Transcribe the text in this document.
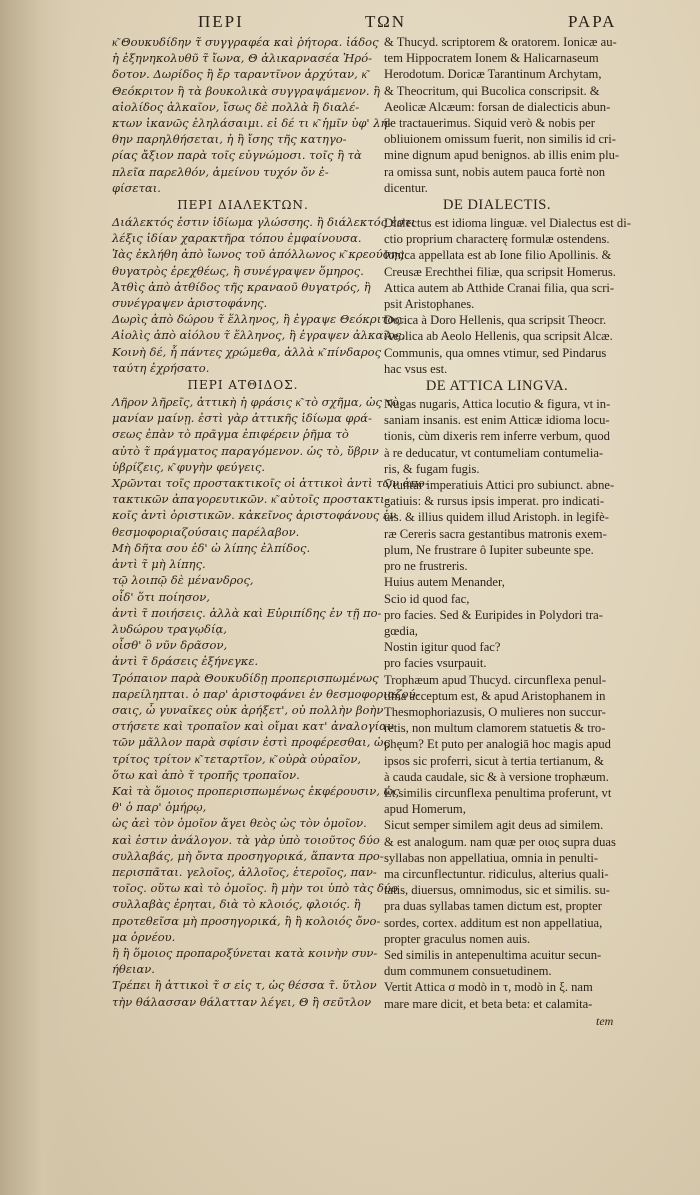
ΠΕΡΙ	ΤΩΝ	ΡΑΡΑ
κ͂ Θουκυδίδην τ̃ συγγραφέα καὶ ῥήτορα. ἰάδος
ἡ ἐξηνηκολυθῦ τ̃ ἴωνα, Θ ἀλικαρνασέα Ἡρό-
δοτον. Δωρίδος ἢ ἔρ ταραντῖνον ἀρχύταν, κ͂
Θεόκριτον ἢ τὰ βουκολικὰ συγγραψάμενον. ἢ
αἰολίδος ἀλκαῖον, ἴσως δὲ πολλὰ ἢ διαλέ-
κτων ἱκανῶς ἐληλάσαιμι. εἰ δέ τι κ͂ ἡμῖν ὑφ' λή-
θην παρηλθήσεται, ἡ ἢ ἴσης τῆς κατηγο-
ρίας ἄξιον παρὰ τοῖς εὐγνώμοσι. τοῖς ἢ τὰ
πλεῖα παρελθόν, ἀμείνου τυχόν ὄν ἐ-
φίσεται.
ΠΕΡΙ ΔΙΑΛΕΚΤΩΝ.
Διάλεκτός ἐστιν ἰδίωμα γλώσσης. ἢ διάλεκτός ἐστι
λέξις ἰδίαν χαρακτῆρα τόπου ἐμφαίνουσα.
Ἰὰς ἐκλήθη ἀπὸ ἴωνος τοῦ ἀπόλλωνος κ͂ κρεούσης
θυγατρὸς ἐρεχθέως, ἢ συνέγραψεν ὅμηρος.
Ἀτθὶς ἀπὸ ἀτθίδος τῆς κραναοῦ θυγατρός, ἢ
συνέγραψεν ἀριστοφάνης.
Δωρὶς ἀπὸ δώρου τ̃ ἕλληνος, ἢ ἐγραψε Θεόκριτος.
Αἰολὶς ἀπὸ αἰόλου τ̃ ἕλληνος, ἢ ἐγραψεν ἀλκαῖος.
Κοινὴ δέ, ἧ πάντες χρώμεθα, ἀλλὰ κ͂ πίνδαρος
ταύτη ἐχρήσατο.
ΠΕΡΙ ΑΤΘΙΔΟΣ.
Λῆρον λῆρεῖς, ἀττικὴ ἡ φράσις κ͂ τὸ σχῆμα, ὡς τὸ
μανίαν μαίνῃ. ἐστὶ γὰρ ἀττικῆς ἰδίωμα φρά-
σεως ἐπὰν τὸ πρᾶγμα ἐπιφέρειν ῥῆμα τὸ
αὐτὸ τ̃ πράγματος παραγόμενον. ὡς τὸ, ὕβριν
ὑβρίζεις, κ͂ φυγὴν φεύγεις.
Χρῶνται τοῖς προστακτικοῖς οἱ ἀττικοὶ ἀντὶ τῶν ἀπο-
τακτικῶν ἀπαγορευτικῶν. κ͂ αὐτοῖς προστακτι-
κοῖς ἀντὶ ὁριστικῶν. κἀκεῖνος ἀριστοφάνους ἐν
θεσμοφοριαζούσαις παρέλαβον.
Μὴ δῆτα σου ἐδ' ὠ λίπης ἐλπίδος.
ἀντὶ τ̃ μὴ λίπης.
τῷ λοιπῷ δὲ μένανδρος,
οἶδ' ὅτι ποίησον,
ἀντὶ τ̃ ποιήσεις. ἀλλὰ καὶ Εὐριπίδης ἐν τῇ πο-
λυδώρου τραγῳδίᾳ,
οἶσθ' ὃ νῦν δρᾶσον,
ἀντὶ τ̃ δράσεις ἐξήνεγκε.
Τρόπαιον παρὰ Θουκυδίδῃ προπερισπωμένως
παρείληπται. ὁ παρ' ἀριστοφάνει ἐν θεσμοφοριαζού-
σαις, ὦ γυναῖκες οὐκ ἀρήξετ', οὐ πολλὴν βοὴν
στήσετε καὶ τροπαῖον καὶ οἴμαι κατ' ἀναλογίαν
τῶν μᾶλλον παρὰ σφίσιν ἐστὶ προφέρεσθαι, ὡς
τρίτος τρίτον κ͂ τεταρτῖον, κ͂ οὐρὰ οὐραῖον,
ὅτω καὶ ἀπὸ τ̃ τροπῆς τροπαῖον.
Καὶ τὰ ὅμοιος προπερισπωμένως ἐκφέρουσιν, ὡς
θ' ὁ παρ' ὁμήρῳ,
ὡς ἀεὶ τὸν ὁμοῖον ἄγει θεὸς ὡς τὸν ὁμοῖον.
καὶ ἐστιν ἀνάλογον. τὰ γὰρ ὑπὸ τοιοῦτος δύο
συλλαβάς, μὴ ὄντα προσηγορικά, ἅπαντα προ-
περισπᾶται. γελοῖος, ἀλλοῖος, ἑτεροῖος, παν-
τοῖος. οὕτω καὶ τὸ ὁμοῖος. ἢ μὴν τοι ὑπὸ τὰς δύο
συλλαβὰς ἐρηται, διὰ τὸ κλοιός, φλοιός. ἢ
προτεθεῖσα μὴ προσηγορικά, ἢ ἢ κολοιός ὄνο-
μα ὀρνέου.
ἢ ἢ ὅμοιος προπαροξύνεται κατὰ κοινὴν συν-
ήθειαν.
Τρέπει ἢ ἀττικοὶ τ̃ σ εἰς τ, ὡς θέσσα τ̃. ὕτλον
τὴν θάλασσαν θάλατταν λέγει, Θ ἢ σεῦτλον
& Thucyd. scriptorem & oratorem. Ionicæ au-
tem Hippocratem Ionem & Halicarnaseum
Herodotum. Doricæ Tarantinum Archytam,
& Theocritum, qui Bucolica conscripsit. &
Aeolicæ Alcæum: forsan de dialecticis abun-
de tractauerimus. Siquid verò & nobis per
obliuionem omissum fuerit, non similis id cri-
mine dignum apud benignos. ab illis enim plu-
ra omissa sunt, nobis autem pauca fortè non
dicentur.
DE DIALECTIS.
Dialectus est idioma linguæ. vel Dialectus est di-
ctio proprium characterę formulæ ostendens.
Ionica appellata est ab Ione filio Apollinis. &
Creusæ Erechthei filiæ, qua scripsit Homerus.
Attica autem ab Atthide Cranai filia, qua scri-
psit Aristophanes.
Dorica à Doro Hellenis, qua scripsit Theocr.
Aeolica ab Aeolo Hellenis, qua scripsit Alcæ.
Communis, qua omnes vtimur, sed Pindarus
hac vsus est.
DE ATTICA LINGVA.
Nugas nugaris, Attica locutio & figura, vt in-
saniam insanis. est enim Atticæ idioma locu-
tionis, cùm dixeris rem inferre verbum, quod
à re deducatur, vt contumeliam contumelia-
ris, & fugam fugis.
Vtuntur imperatiuis Attici pro subiunct. abne-
gatiuis: & rursus ipsis imperat. pro indicati-
uis. & illius quidem illud Aristoph. in legifè-
ræ Cereris sacra gestantibus matronis exem-
plum, Ne frustrare ô Iupiter subeunte spe.
pro ne frustreris.
Huius autem Menander,
Scio id quod fac,
pro facies. Sed & Euripides in Polydori tra-
gœdia,
Nostin igitur quod fac?
pro facies vsurpauit.
Trophæum apud Thucyd. circunflexa penul-
tima acceptum est, & apud Aristophanem in
Thesmophoriazusis, O mulieres non succur-
retis, non multum clamorem statuetis & tro-
phęum? Et puto per analogiā hoc magis apud
ipsos sic proferri, sicut à tertia tertianum, &
à cauda caudale, sic & à versione trophæum.
Et similis circunflexa penultima proferunt, vt
apud Homerum,
Sicut semper similem agit deus ad similem.
& est analogum. nam quæ per οιος supra duas
syllabas non appellatiua, omnia in penulti-
ma circunflectuntur. ridiculus, alterius quali-
tatis, diuersus, omnimodus, sic et similis. su-
pra duas syllabas tamen dictum est, propter
sordes, cortex. additum est non appellatiua,
propter graculus nomen auis.
Sed similis in antepenultima acuitur secun-
dum communem consuetudinem.
Vertit Attica σ modò in τ, modò in ξ. nam
mare mare dicit, et beta beta: et calamita-
tem
